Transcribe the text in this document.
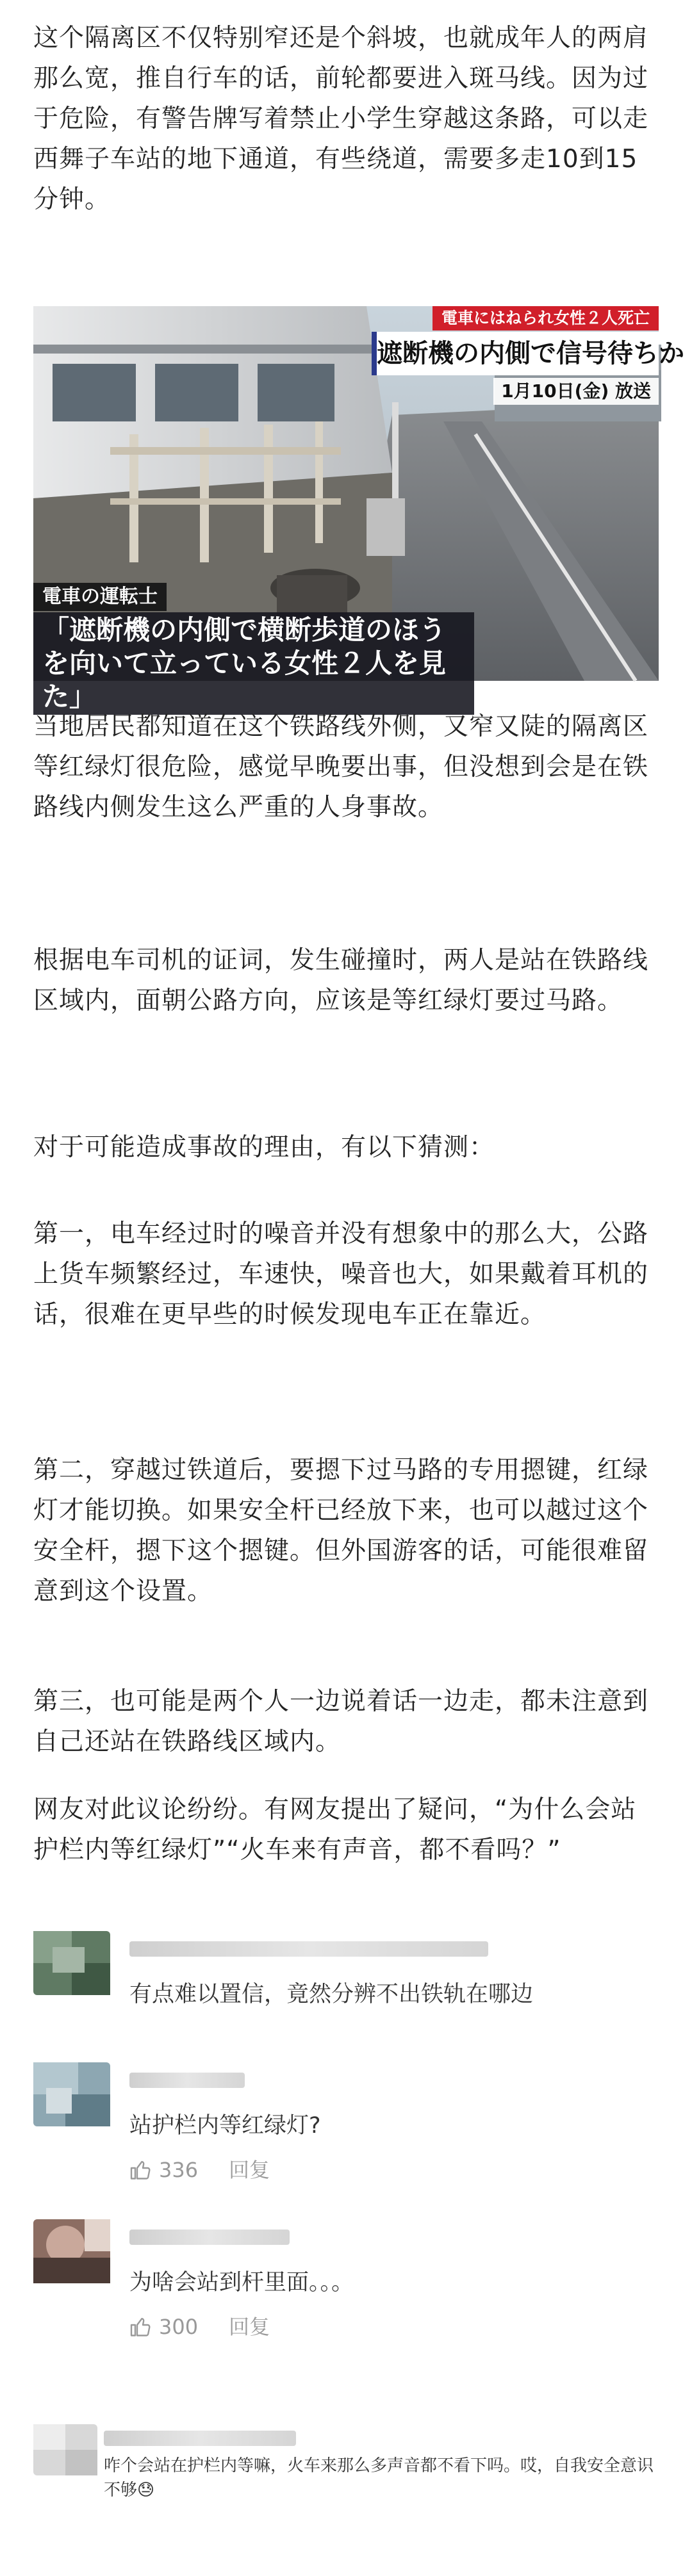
这个隔离区不仅特别窄还是个斜坡，也就成年人的两肩那么宽，推自行车的话，前轮都要进入斑马线。因为过于危险，有警告牌写着禁止小学生穿越这条路，可以走西舞子车站的地下通道，有些绕道，需要多走10到15分钟。

電車にはねられ女性２人死亡
遮断機の内側で信号待ちか
1月10日(金) 放送
電車の運転士
「遮断機の内側で横断歩道のほうを向いて立っている女性２人を見た」

当地居民都知道在这个铁路线外侧，又窄又陡的隔离区等红绿灯很危险，感觉早晚要出事，但没想到会是在铁路线内侧发生这么严重的人身事故。

根据电车司机的证词，发生碰撞时，两人是站在铁路线区域内，面朝公路方向，应该是等红绿灯要过马路。

对于可能造成事故的理由，有以下猜测：

第一，电车经过时的噪音并没有想象中的那么大，公路上货车频繁经过，车速快，噪音也大，如果戴着耳机的话，很难在更早些的时候发现电车正在靠近。

第二，穿越过铁道后，要摁下过马路的专用摁键，红绿灯才能切换。如果安全杆已经放下来，也可以越过这个安全杆，摁下这个摁键。但外国游客的话，可能很难留意到这个设置。

第三，也可能是两个人一边说着话一边走，都未注意到自己还站在铁路线区域内。

网友对此议论纷纷。有网友提出了疑问，“为什么会站护栏内等红绿灯”“火车来有声音，都不看吗？”

有点难以置信，竟然分辨不出铁轨在哪边
站护栏内等红绿灯?
336 回复
为啥会站到杆里面。。。
300 回复
咋个会站在护栏内等嘛，火车来那么多声音都不看下吗。哎，自我安全意识不够😓
